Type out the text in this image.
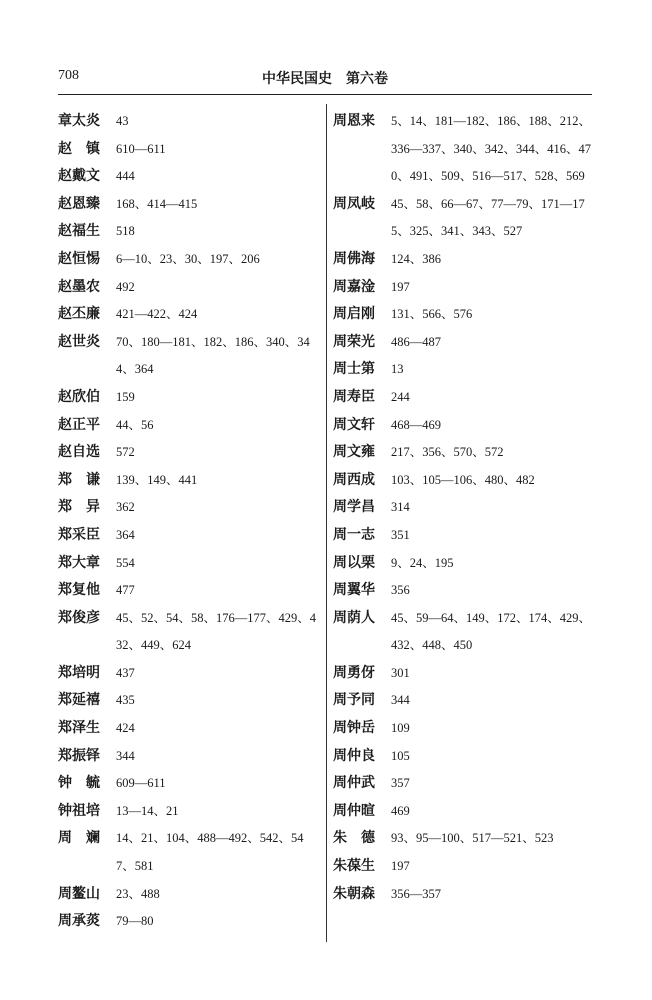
708	中华民国史　第六卷
章太炎	43
赵　镇	610—611
赵戴文	444
赵恩臻	168、414—415
赵福生	518
赵恒惕	6—10、23、30、197、206
赵墨农	492
赵丕廉	421—422、424
赵世炎	70、180—181、182、186、340、344、364
赵欣伯	159
赵正平	44、56
赵自选	572
郑　谦	139、149、441
郑　异	362
郑采臣	364
郑大章	554
郑复他	477
郑俊彦	45、52、54、58、176—177、429、432、449、624
郑培明	437
郑延禧	435
郑泽生	424
郑振铎	344
钟　毓	609—611
钟祖培	13—14、21
周　斓	14、21、104、488—492、542、547、581
周鳌山	23、488
周承菼	79—80
周恩来	5、14、181—182、186、188、212、336—337、340、342、344、416、470、491、509、516—517、528、569
周凤岐	45、58、66—67、77—79、171—175、325、341、343、527
周佛海	124、386
周嘉淦	197
周启刚	131、566、576
周荣光	486—487
周士第	13
周寿臣	244
周文轩	468—469
周文雍	217、356、570、572
周西成	103、105—106、480、482
周学昌	314
周一志	351
周以栗	9、24、195
周翼华	356
周荫人	45、59—64、149、172、174、429、432、448、450
周勇伢	301
周予同	344
周钟岳	109
周仲良	105
周仲武	357
周仲暄	469
朱　德	93、95—100、517—521、523
朱葆生	197
朱朝森	356—357
